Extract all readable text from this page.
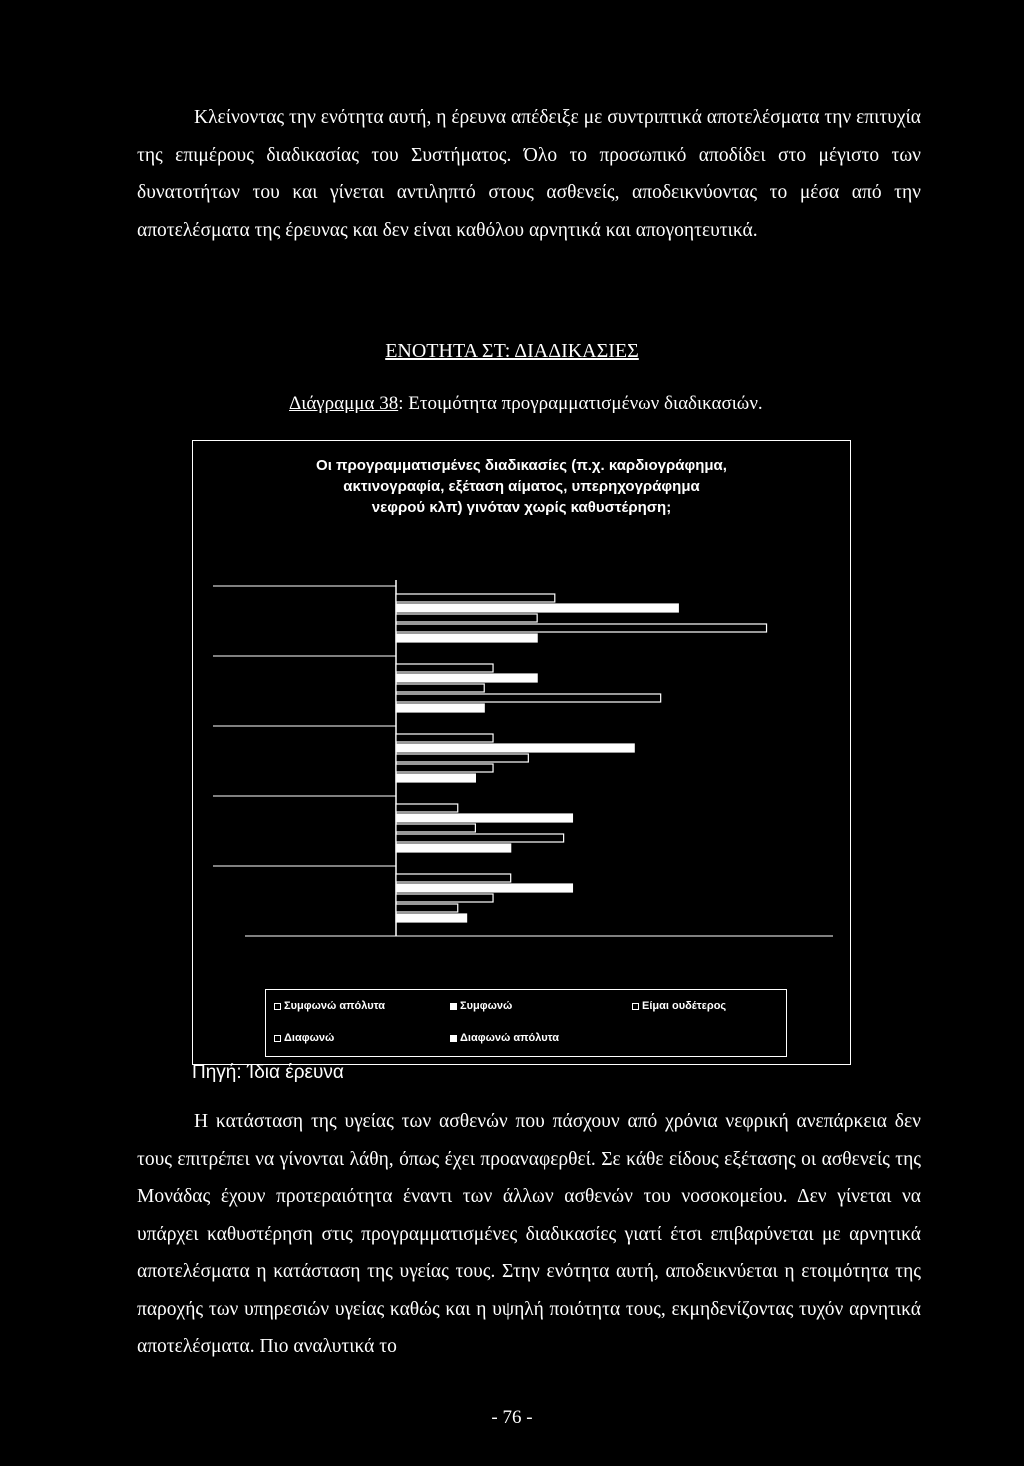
Κλείνοντας την ενότητα αυτή, η έρευνα απέδειξε με συντριπτικά αποτελέσματα την επιτυχία της επιμέρους διαδικασίας του Συστήματος. Όλο το προσωπικό αποδίδει στο μέγιστο των δυνατοτήτων του και γίνεται αντιληπτό στους ασθενείς, αποδεικνύοντας το μέσα από την αποτελέσματα της έρευνας και δεν είναι καθόλου αρνητικά και απογοητευτικά.

ΕΝΟΤΗΤΑ ΣΤ: ΔΙΑΔΙΚΑΣΙΕΣ
Διάγραμμα 38: Ετοιμότητα προγραμματισμένων διαδικασιών.
Οι προγραμματισμένες διαδικασίες (π.χ. καρδιογράφημα,
ακτινογραφία, εξέταση αίματος, υπερηχογράφημα
νεφρού κλπ) γινόταν χωρίς καθυστέρηση;
Συμφωνώ απόλυτα	Συμφωνώ	Είμαι ουδέτερος
Διαφωνώ	Διαφωνώ απόλυτα
Πηγή: Ίδια έρευνα

Η κατάσταση της υγείας των ασθενών που πάσχουν από χρόνια νεφρική ανεπάρκεια δεν τους επιτρέπει να γίνονται λάθη, όπως έχει προαναφερθεί. Σε κάθε είδους εξέτασης οι ασθενείς της Μονάδας έχουν προτεραιότητα έναντι των άλλων ασθενών του νοσοκομείου. Δεν γίνεται να υπάρχει καθυστέρηση στις προγραμματισμένες διαδικασίες γιατί έτσι επιβαρύνεται με αρνητικά αποτελέσματα η κατάσταση της υγείας τους. Στην ενότητα αυτή, αποδεικνύεται η ετοιμότητα της παροχής των υπηρεσιών υγείας καθώς και η υψηλή ποιότητα τους, εκμηδενίζοντας τυχόν αρνητικά αποτελέσματα. Πιο αναλυτικά το

- 76 -
